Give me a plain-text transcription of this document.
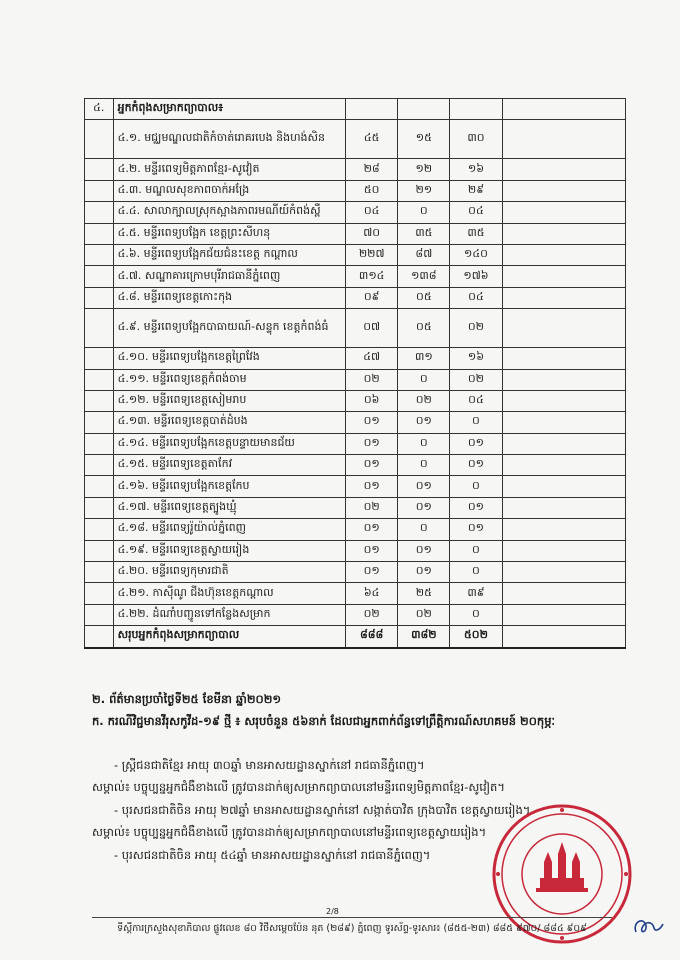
៤.	អ្នកកំពុងសម្រាកព្យាបាល៖				
	៤.១. មជ្ឈមណ្ឌលជាតិកំចាត់រោគរបេង និងហង់សិន	៤៥	១៥	៣០	
	៤.២. មន្ទីរពេទ្យមិត្តភាពខ្មែរ-សូវៀត	២៨	១២	១៦	
	៤.៣. មណ្ឌលសុខភាពចាក់អង្រែ	៥០	២១	២៩	
	៤.៤. សាលាក្បាលស្រុកស្អាងភាពរមណីយ៍កំពង់ស្ពឺ	០៤	០	០៤	
	៤.៥. មន្ទីរពេទ្យបង្អែក ខេត្តព្រះសីហនុ	៧០	៣៥	៣៥	
	៤.៦. មន្ទីរពេទ្យបង្អែកជ័យជំនះខេត្ត កណ្ដាល	២២៧	៨៧	១៤០	
	៤.៧. សណ្ឋាគារក្រោមបុរីរាជធានីភ្នំពេញ	៣១៤	១៣៨	១៧៦	
	៤.៨. មន្ទីរពេទ្យខេត្តកោះកុង	០៩	០៥	០៤	
	៤.៩. មន្ទីរពេទ្យបង្អែកបាធាយណ៍-សន្ទុក ខេត្តកំពង់ធំ	០៧	០៥	០២	
	៤.១០. មន្ទីរពេទ្យបង្អែកខេត្តព្រៃវែង	៤៧	៣១	១៦	
	៤.១១. មន្ទីរពេទ្យខេត្តកំពង់ចាម	០២	០	០២	
	៤.១២. មន្ទីរពេទ្យខេត្តសៀមរាប	០៦	០២	០៤	
	៤.១៣. មន្ទីរពេទ្យខេត្តបាត់ដំបង	០១	០១	០	
	៤.១៤. មន្ទីរពេទ្យបង្អែកខេត្តបន្ទាយមានជ័យ	០១	០	០១	
	៤.១៥. មន្ទីរពេទ្យខេត្តតាកែវ	០១	០	០១	
	៤.១៦. មន្ទីរពេទ្យបង្អែកខេត្តកែប	០១	០១	០	
	៤.១៧. មន្ទីរពេទ្យខេត្តត្បូងឃ្មុំ	០២	០១	០១	
	៤.១៨. មន្ទីរពេទ្យរ៉ូយ៉ាល់ភ្នំពេញ	០១	០	០១	
	៤.១៩. មន្ទីរពេទ្យខេត្តស្វាយរៀង	០១	០១	០	
	៤.២០. មន្ទីរពេទ្យកុមារជាតិ	០១	០១	០	
	៤.២១. កាស៊ីណូ ជីងហ៊ុនខេត្តកណ្ដាល	៦៤	២៥	៣៩	
	៤.២២. ដំណាំបញ្ជូនទៅកន្លែងសម្រាក	០២	០២	០	
	សរុបអ្នកកំពុងសម្រាកព្យាបាល	៨៨៨	៣៨២	៥០២	
២. ព័ត៌មានប្រចាំថ្ងៃទី២៥ ខែមីនា ឆ្នាំ២០២១
ក. ករណីវិជ្ជមានវីរុសកូវីដ-១៩ ថ្មី ៖ សរុបចំនួន ៥៦នាក់ ដែលជាអ្នកពាក់ព័ន្ធទៅព្រឹត្តិការណ៍សហគមន៍ ២០កុម្ភៈ
- ស្ត្រីជនជាតិខ្មែរ អាយុ ៣០ឆ្នាំ មានអាសយដ្ឋានស្នាក់នៅ រាជធានីភ្នំពេញ។
សម្គាល់៖ បច្ចុប្បន្នអ្នកជំងឺខាងលើ ត្រូវបានដាក់ឲ្យសម្រាកព្យាបាលនៅមន្ទីរពេទ្យមិត្តភាពខ្មែរ-សូវៀត។
- បុរសជនជាតិចិន អាយុ ២៧ឆ្នាំ មានអាសយដ្ឋានស្នាក់នៅ សង្កាត់បាវិត ក្រុងបាវិត ខេត្តស្វាយរៀង។
សម្គាល់៖ បច្ចុប្បន្នអ្នកជំងឺខាងលើ ត្រូវបានដាក់ឲ្យសម្រាកព្យាបាលនៅមន្ទីរពេទ្យខេត្តស្វាយរៀង។
- បុរសជនជាតិចិន អាយុ ៥៤ឆ្នាំ មានអាសយដ្ឋានស្នាក់នៅ រាជធានីភ្នំពេញ។
2/8
ទីស្តីការក្រសួងសុខាភិបាល ផ្លូវលេខ ៨០ វិថីសម្តេចប៉ែន នុត (២៨៩) ភ្នំពេញ ទូរស័ព្ទ-ទូរសារ៖ (៨៥៥-២៣) ៨៨៥ ៩៧០/ ៨៨៤ ៩០៩
